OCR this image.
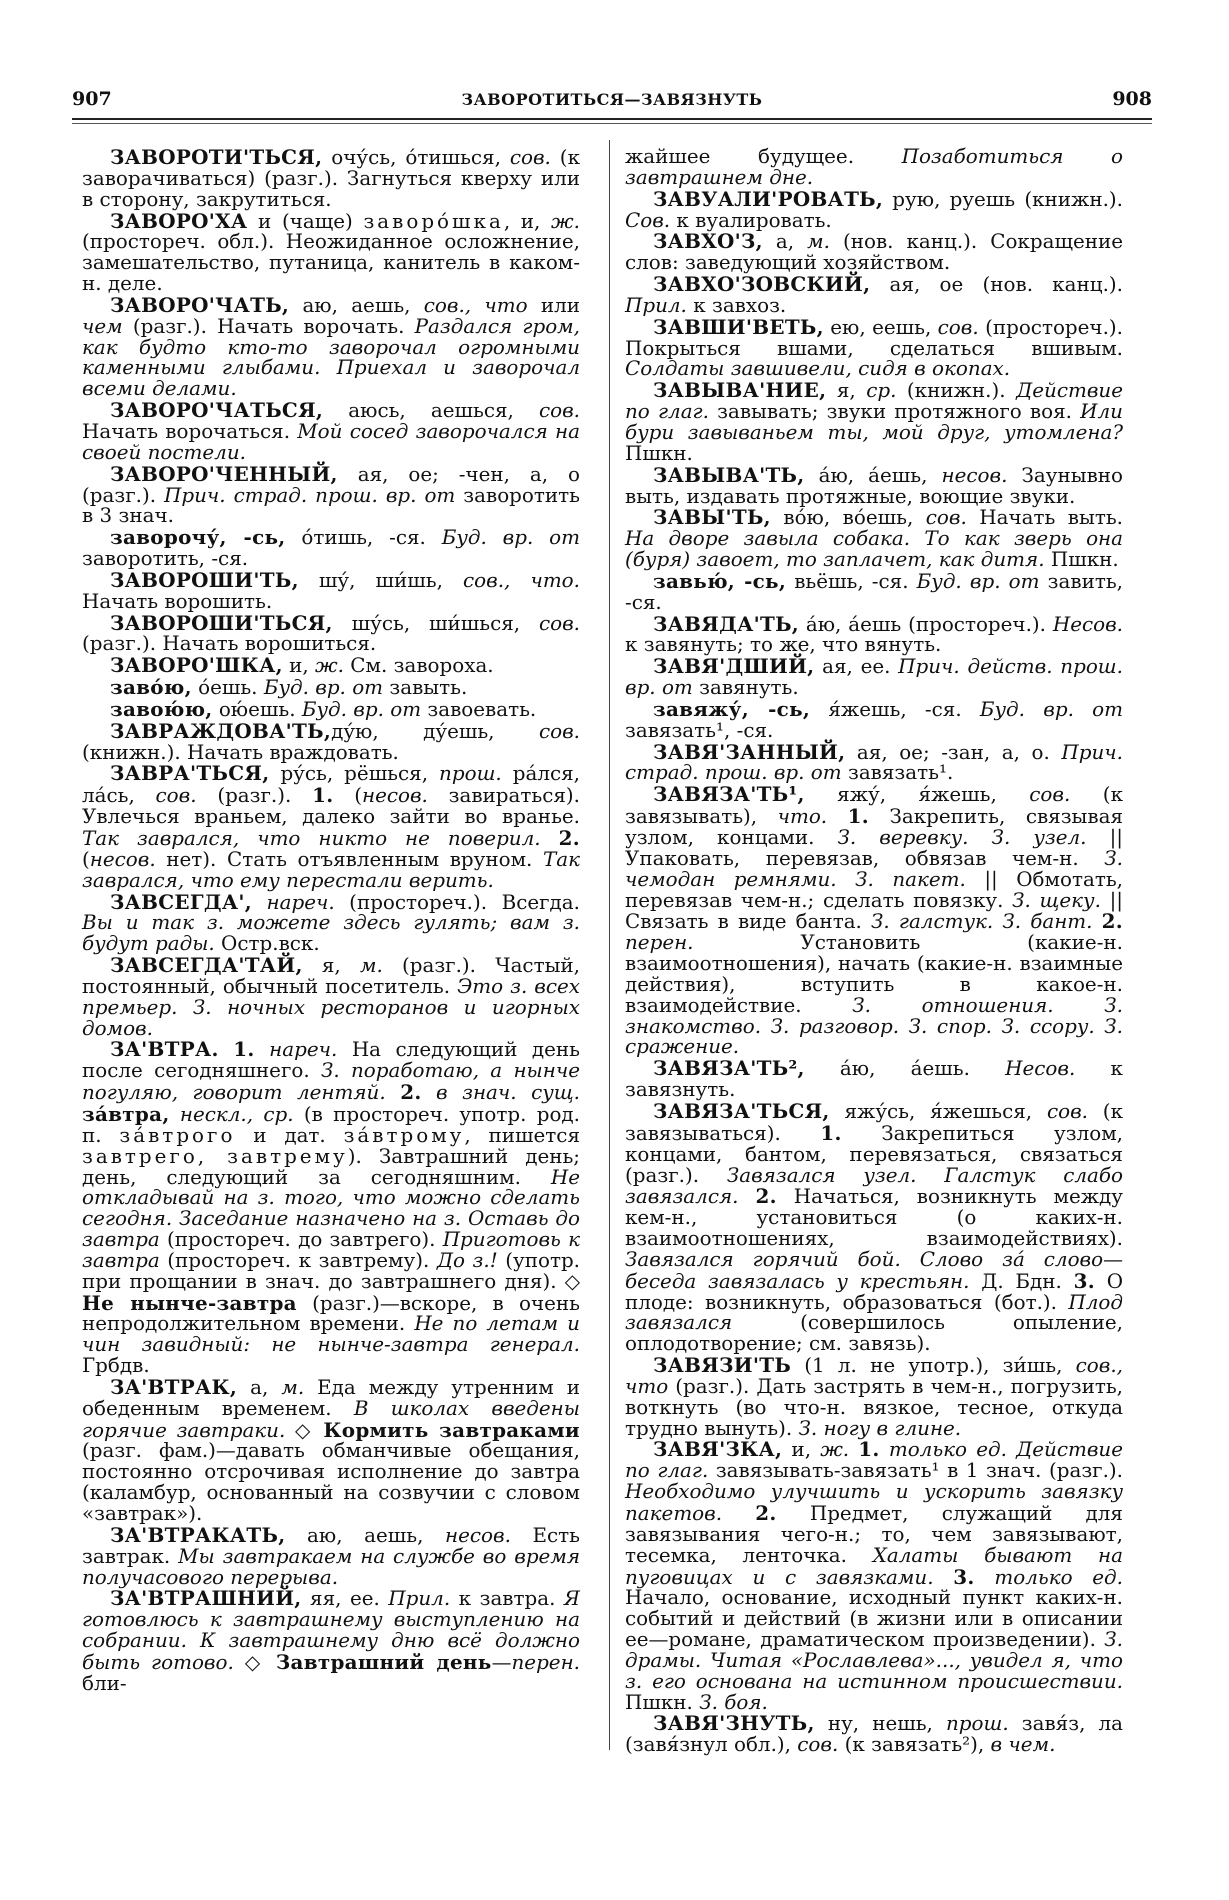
907	ЗАВОРОТИТЬСЯ—ЗАВЯЗНУТЬ	908

ЗАВОРОТИ'ТЬСЯ, очу́сь, о́тишься, сов. (к заворачиваться) (разг.). Загнуться кверху или в сторону, закрутиться.

ЗАВОРО'ХА и (чаще) заворо́шка, и, ж. (простореч. обл.). Неожиданное осложнение, замешательство, путаница, канитель в каком-н. деле.

ЗАВОРО'ЧАТЬ, аю, аешь, сов., что или чем (разг.). Начать ворочать. Раздался гром, как будто кто-то заворочал огромными каменными глыбами. Приехал и заворочал всеми делами.

ЗАВОРО'ЧАТЬСЯ, аюсь, аешься, сов. Начать ворочаться. Мой сосед заворочался на своей постели.

ЗАВОРО'ЧЕННЫЙ, ая, ое; -чен, а, о (разг.). Прич. страд. прош. вр. от заворотить в 3 знач.

заворочу́, -сь, о́тишь, -ся. Буд. вр. от заворотить, -ся.

ЗАВОРОШИ'ТЬ, шу́, ши́шь, сов., что. Начать ворошить.

ЗАВОРОШИ'ТЬСЯ, шу́сь, ши́шься, сов. (разг.). Начать ворошиться.

ЗАВОРО'ШКА, и, ж. См. заворохa.

заво́ю, о́ешь. Буд. вр. от завыть.

завою́ю, ою́ешь. Буд. вр. от завоевать.

ЗАВРАЖДОВА'ТЬ,ду́ю, ду́ешь, сов.(книжн.). Начать враждовать.

ЗАВРА'ТЬСЯ, ру́сь, рёшься, прош. ра́лся, ла́сь, сов. (разг.). 1. (несов. завираться). Увлечься враньем, далеко зайти во вранье. Так заврался, что никто не поверил. 2. (несов. нет). Стать отъявленным вруном. Так заврался, что ему перестали верить.

ЗАВСЕГДА', нареч. (простореч.). Всегда. Вы и так з. можете здесь гулять; вам з. будут рады. Остр.вск.

ЗАВСЕГДА'ТАЙ, я, м. (разг.). Частый, постоянный, обычный посетитель. Это з. всех премьер. З. ночных ресторанов и игорных домов.

ЗА'ВТРА. 1. нареч. На следующий день после сегодняшнего. З. поработаю, а нынче погуляю, говорит лентяй. 2. в знач. сущ. за́втра, нескл., ср. (в простореч. употр. род. п. за́втрого и дат. за́втрому, пишется завтрего, завтрему). Завтрашний день; день, следующий за сегодняшним. Не откладывай на з. того, что можно сделать сегодня. Заседание назначено на з. Оставь до завтра (простореч. до завтрего). Приготовь к завтра (простореч. к завтрему). До з.! (употр. при прощании в знач. до завтрашнего дня). ◇ Не нынче-завтра (разг.)—вскоре, в очень непродолжительном времени. Не по летам и чин завидный: не нынче-завтра генерал. Грбдв.

ЗА'ВТРАК, а, м. Еда между утренним и обеденным временем. В школах введены горячие завтраки. ◇ Кормить завтраками (разг. фам.)—давать обманчивые обещания, постоянно отсрочивая исполнение до завтра (каламбур, основанный на созвучии с словом «завтрак»).

ЗА'ВТРАКАТЬ, аю, аешь, несов. Есть завтрак. Мы завтракаем на службе во время получасового перерыва.

ЗА'ВТРАШНИЙ, яя, ее. Прил. к завтра. Я готовлюсь к завтрашнему выступлению на собрании. К завтрашнему дню всё должно быть готово. ◇ Завтрашний день—перен. бли-

жайшее будущее. Позаботиться о завтрашнем дне.

ЗАВУАЛИ'РОВАТЬ, рую, руешь (книжн.). Сов. к вуалировать.

ЗАВХО'З, а, м. (нов. канц.). Сокращение слов: заведующий хозяйством.

ЗАВХО'ЗОВСКИЙ, ая, ое (нов. канц.). Прил. к завхоз.

ЗАВШИ'ВЕТЬ, ею, еешь, сов. (простореч.). Покрыться вшами, сделаться вшивым. Солдаты завшивели, сидя в окопах.

ЗАВЫВА'НИЕ, я, ср. (книжн.). Действие по глаг. завывать; звуки протяжного воя. Или бури завываньем ты, мой друг, утомлена? Пшкн.

ЗАВЫВА'ТЬ, а́ю, а́ешь, несов. Заунывно выть, издавать протяжные, воющие звуки.

ЗАВЫ'ТЬ, во́ю, во́ешь, сов. Начать выть. На дворе завыла собака. То как зверь она (буря) завоет, то заплачет, как дитя. Пшкн.

завью́, -сь, вьёшь, -ся. Буд. вр. от завить, -ся.

ЗАВЯДА'ТЬ, а́ю, а́ешь (простореч.). Несов. к завянуть; то же, что вянуть.

ЗАВЯ'ДШИЙ, ая, ее. Прич. действ. прош. вр. от завянуть.

завяжу́, -сь, я́жешь, -ся. Буд. вр. от завязать¹, -ся.

ЗАВЯ'ЗАННЫЙ, ая, ое; -зан, а, о. Прич. страд. прош. вр. от завязать¹.

ЗАВЯЗА'ТЬ¹, яжу́, я́жешь, сов. (к завязывать), что. 1. Закрепить, связывая узлом, концами. З. веревку. З. узел. || Упаковать, перевязав, обвязав чем-н. З. чемодан ремнями. З. пакет. || Обмотать, перевязав чем-н.; сделать повязку. З. щеку. || Связать в виде банта. З. галстук. З. бант. 2. перен. Установить (какие-н. взаимоотношения), начать (какие-н. взаимные действия), вступить в какое-н. взаимодействие. З. отношения. З. знакомство. З. разговор. З. спор. З. ссору. З. сражение.

ЗАВЯЗА'ТЬ², а́ю, а́ешь. Несов. к завязнуть.

ЗАВЯЗА'ТЬСЯ, яжу́сь, я́жешься, сов. (к завязываться). 1. Закрепиться узлом, концами, бантом, перевязаться, связаться (разг.). Завязался узел. Галстук слабо завязался. 2. Начаться, возникнуть между кем-н., установиться (о каких-н. взаимоотношениях, взаимодействиях). Завязался горячий бой. Слово за́ слово—беседа завязалась у крестьян. Д. Бдн. 3. О плоде: возникнуть, образоваться (бот.). Плод завязался (совершилось опыление, оплодотворение; см. завязь).

ЗАВЯЗИ'ТЬ (1 л. не употр.), зи́шь, сов., что (разг.). Дать застрять в чем-н., погрузить, воткнуть (во что-н. вязкое, тесное, откуда трудно вынуть). З. ногу в глине.

ЗАВЯ'ЗКА, и, ж. 1. только ед. Действие по глаг. завязывать-завязать¹ в 1 знач. (разг.). Необходимо улучшить и ускорить завязку пакетов. 2. Предмет, служащий для завязывания чего-н.; то, чем завязывают, тесемка, ленточка. Халаты бывают на пуговицах и с завязками. 3. только ед. Начало, основание, исходный пункт каких-н. событий и действий (в жизни или в описании ее—романе, драматическом произведении). З. драмы. Читая «Рославлева»..., увидел я, что з. его основана на истинном происшествии. Пшкн. З. боя.

ЗАВЯ'ЗНУТЬ, ну, нешь, прош. завя́з, ла (завя́знул обл.), сов. (к завязать²), в чем.
